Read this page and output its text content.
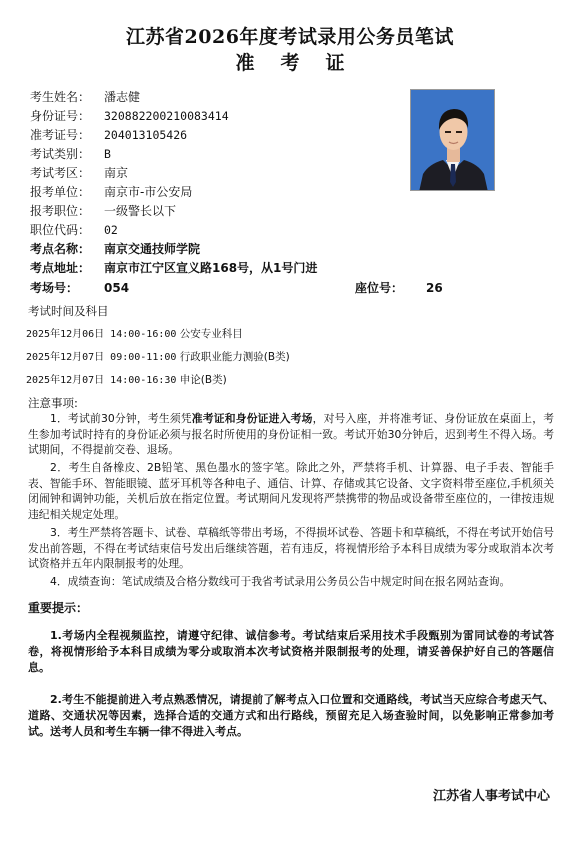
江苏省2026年度考试录用公务员笔试
准考证
考生姓名： 潘志健
身份证号： 320882200210083414
准考证号： 204013105426
考试类别： B
考试考区： 南京
报考单位： 南京市-市公安局
报考职位： 一级警长以下
职位代码： 02
考点名称： 南京交通技师学院
考点地址： 南京市江宁区宣义路168号，从1号门进
考场号： 054	座位号： 26
考试时间及科目
2025年12月06日 14:00-16:00 公安专业科目
2025年12月07日 09:00-11:00 行政职业能力测验(B类)
2025年12月07日 14:00-16:30 申论(B类)
注意事项:
1．考试前30分钟，考生须凭准考证和身份证进入考场，对号入座，并将准考证、身份证放在桌面上，考生参加考试时持有的身份证必须与报名时所使用的身份证相一致。考试开始30分钟后，迟到考生不得入场。考试期间，不得提前交卷、退场。
2．考生自备橡皮、2B铅笔、黑色墨水的签字笔。除此之外，严禁将手机、计算器、电子手表、智能手表、智能手环、智能眼镜、蓝牙耳机等各种电子、通信、计算、存储或其它设备、文字资料带至座位,手机须关闭闹钟和调钟功能，关机后放在指定位置。考试期间凡发现将严禁携带的物品或设备带至座位的，一律按违规违纪相关规定处理。
3．考生严禁将答题卡、试卷、草稿纸等带出考场，不得损坏试卷、答题卡和草稿纸，不得在考试开始信号发出前答题，不得在考试结束信号发出后继续答题，若有违反，将视情形给予本科目成绩为零分或取消本次考试资格并五年内限制报考的处理。
4．成绩查询：笔试成绩及合格分数线可于我省考试录用公务员公告中规定时间在报名网站查询。
重要提示：
1.考场内全程视频监控，请遵守纪律、诚信参考。考试结束后采用技术手段甄别为雷同试卷的考试答卷，将视情形给予本科目成绩为零分或取消本次考试资格并限制报考的处理，请妥善保护好自己的答题信息。
2.考生不能提前进入考点熟悉情况，请提前了解考点入口位置和交通路线，考试当天应综合考虑天气、道路、交通状况等因素，选择合适的交通方式和出行路线，预留充足入场查验时间，以免影响正常参加考试。送考人员和考生车辆一律不得进入考点。
江苏省人事考试中心
